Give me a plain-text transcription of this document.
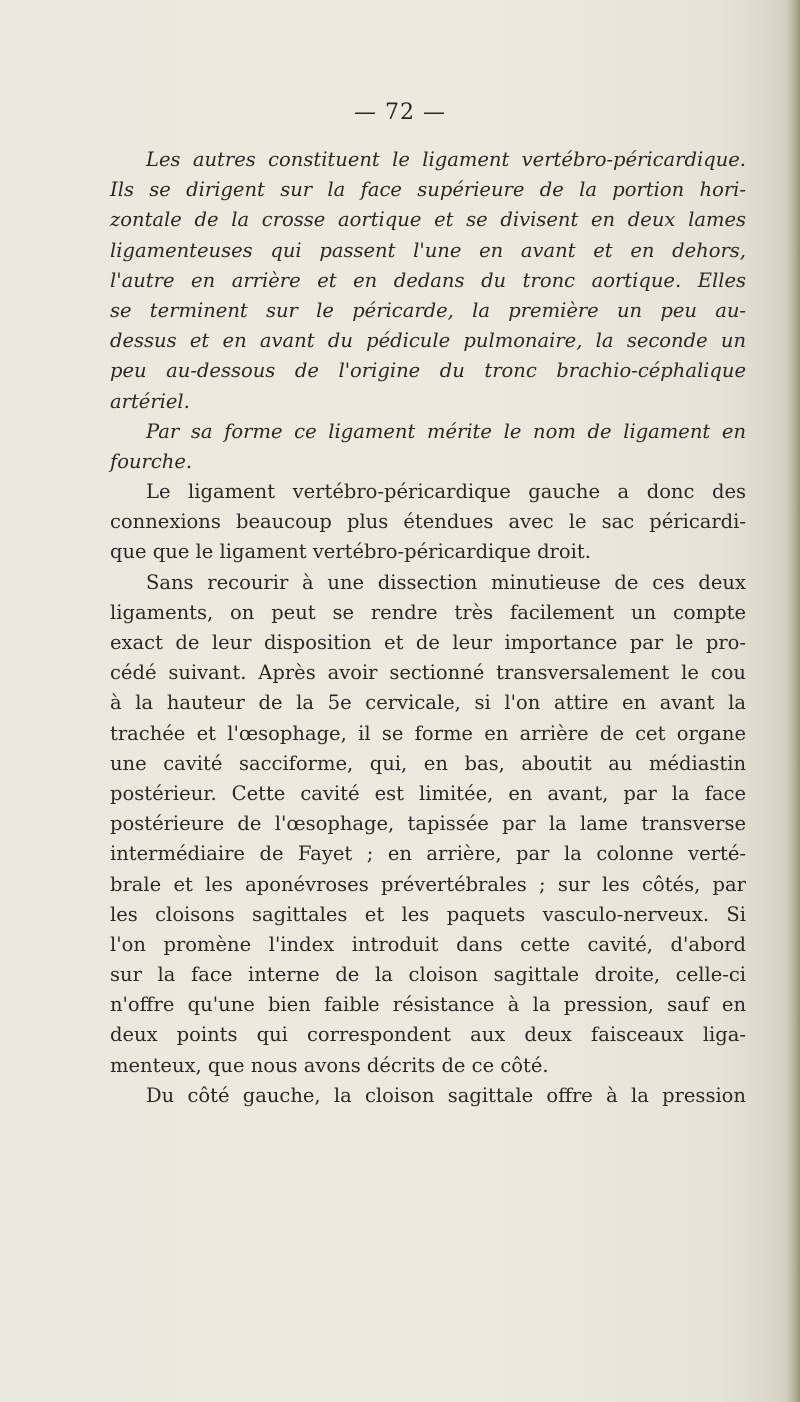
— 72 —
Les autres constituent le ligament vertébro-péricardique.
Ils se dirigent sur la face supérieure de la portion hori-
zontale de la crosse aortique et se divisent en deux lames
ligamenteuses qui passent l'une en avant et en dehors,
l'autre en arrière et en dedans du tronc aortique. Elles
se terminent sur le péricarde, la première un peu au-
dessus et en avant du pédicule pulmonaire, la seconde un
peu au-dessous de l'origine du tronc brachio-céphalique
artériel.
Par sa forme ce ligament mérite le nom de ligament en
fourche.
Le ligament vertébro-péricardique gauche a donc des
connexions beaucoup plus étendues avec le sac péricardi-
que que le ligament vertébro-péricardique droit.
Sans recourir à une dissection minutieuse de ces deux
ligaments, on peut se rendre très facilement un compte
exact de leur disposition et de leur importance par le pro-
cédé suivant. Après avoir sectionné transversalement le cou
à la hauteur de la 5e cervicale, si l'on attire en avant la
trachée et l'œsophage, il se forme en arrière de cet organe
une cavité sacciforme, qui, en bas, aboutit au médiastin
postérieur. Cette cavité est limitée, en avant, par la face
postérieure de l'œsophage, tapissée par la lame transverse
intermédiaire de Fayet ; en arrière, par la colonne verté-
brale et les aponévroses prévertébrales ; sur les côtés, par
les cloisons sagittales et les paquets vasculo-nerveux. Si
l'on promène l'index introduit dans cette cavité, d'abord
sur la face interne de la cloison sagittale droite, celle-ci
n'offre qu'une bien faible résistance à la pression, sauf en
deux points qui correspondent aux deux faisceaux liga-
menteux, que nous avons décrits de ce côté.
Du côté gauche, la cloison sagittale offre à la pression
